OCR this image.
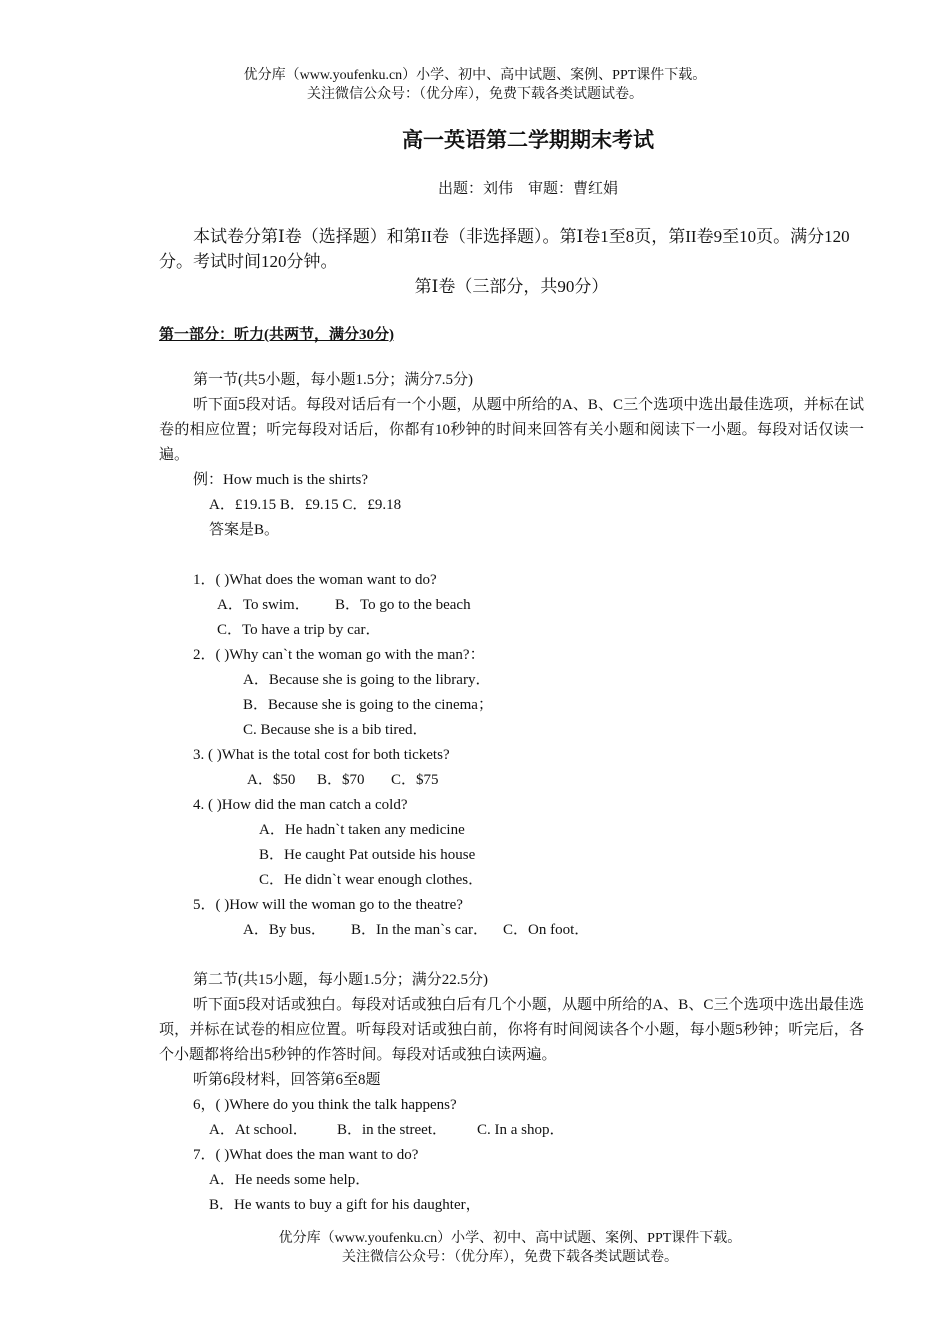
优分库（www.youfenku.cn）小学、初中、高中试题、案例、PPT课件下载。
关注微信公众号：（优分库），免费下载各类试题试卷。
高一英语第二学期期末考试
出题：刘伟　审题：曹红娟

本试卷分第Ⅰ卷（选择题）和第II卷（非选择题）。第Ⅰ卷1至8页，第II卷9至10页。满分120分。考试时间120分钟。

第Ⅰ卷（三部分，共90分）

第一部分：听力(共两节，满分30分)

第一节(共5小题，每小题1.5分；满分7.5分)

听下面5段对话。每段对话后有一个小题，从题中所给的A、B、C三个选项中选出最佳选项，并标在试卷的相应位置；听完每段对话后，你都有10秒钟的时间来回答有关小题和阅读下一小题。每段对话仅读一遍。

例：How much is the shirts?

A．£19.15 B．£9.15 C．£9.18

答案是B。

1．( )What does the woman want to do?

A．To swim． B．To go to the beach

C．To have a trip by car．

2．( )Why can`t the woman go with the man?：

A．Because she is going to the library．

B．Because she is going to the cinema；

C. Because she is a bib tired．

3. ( )What is the total cost for both tickets?

A．$50 B．$70 C．$75

4. ( )How did the man catch a cold?

A．He hadn`t taken any medicine

B．He caught Pat outside his house

C．He didn`t wear enough clothes．

5．( )How will the woman go to the theatre?

A．By bus． B．In the man`s car． C．On foot．

第二节(共15小题，每小题1.5分；满分22.5分)

听下面5段对话或独白。每段对话或独白后有几个小题，从题中所给的A、B、C三个选项中选出最佳选项，并标在试卷的相应位置。听每段对话或独白前，你将有时间阅读各个小题，每小题5秒钟；听完后，各个小题都将给出5秒钟的作答时间。每段对话或独白读两遍。

听第6段材料，回答第6至8题

6，( )Where do you think the talk happens?

A．At school． B．in the street． C. In a shop．

7．( )What does the man want to do?

A．He needs some help．

B．He wants to buy a gift for his daughter，

优分库（www.youfenku.cn）小学、初中、高中试题、案例、PPT课件下载。
关注微信公众号：（优分库），免费下载各类试题试卷。
